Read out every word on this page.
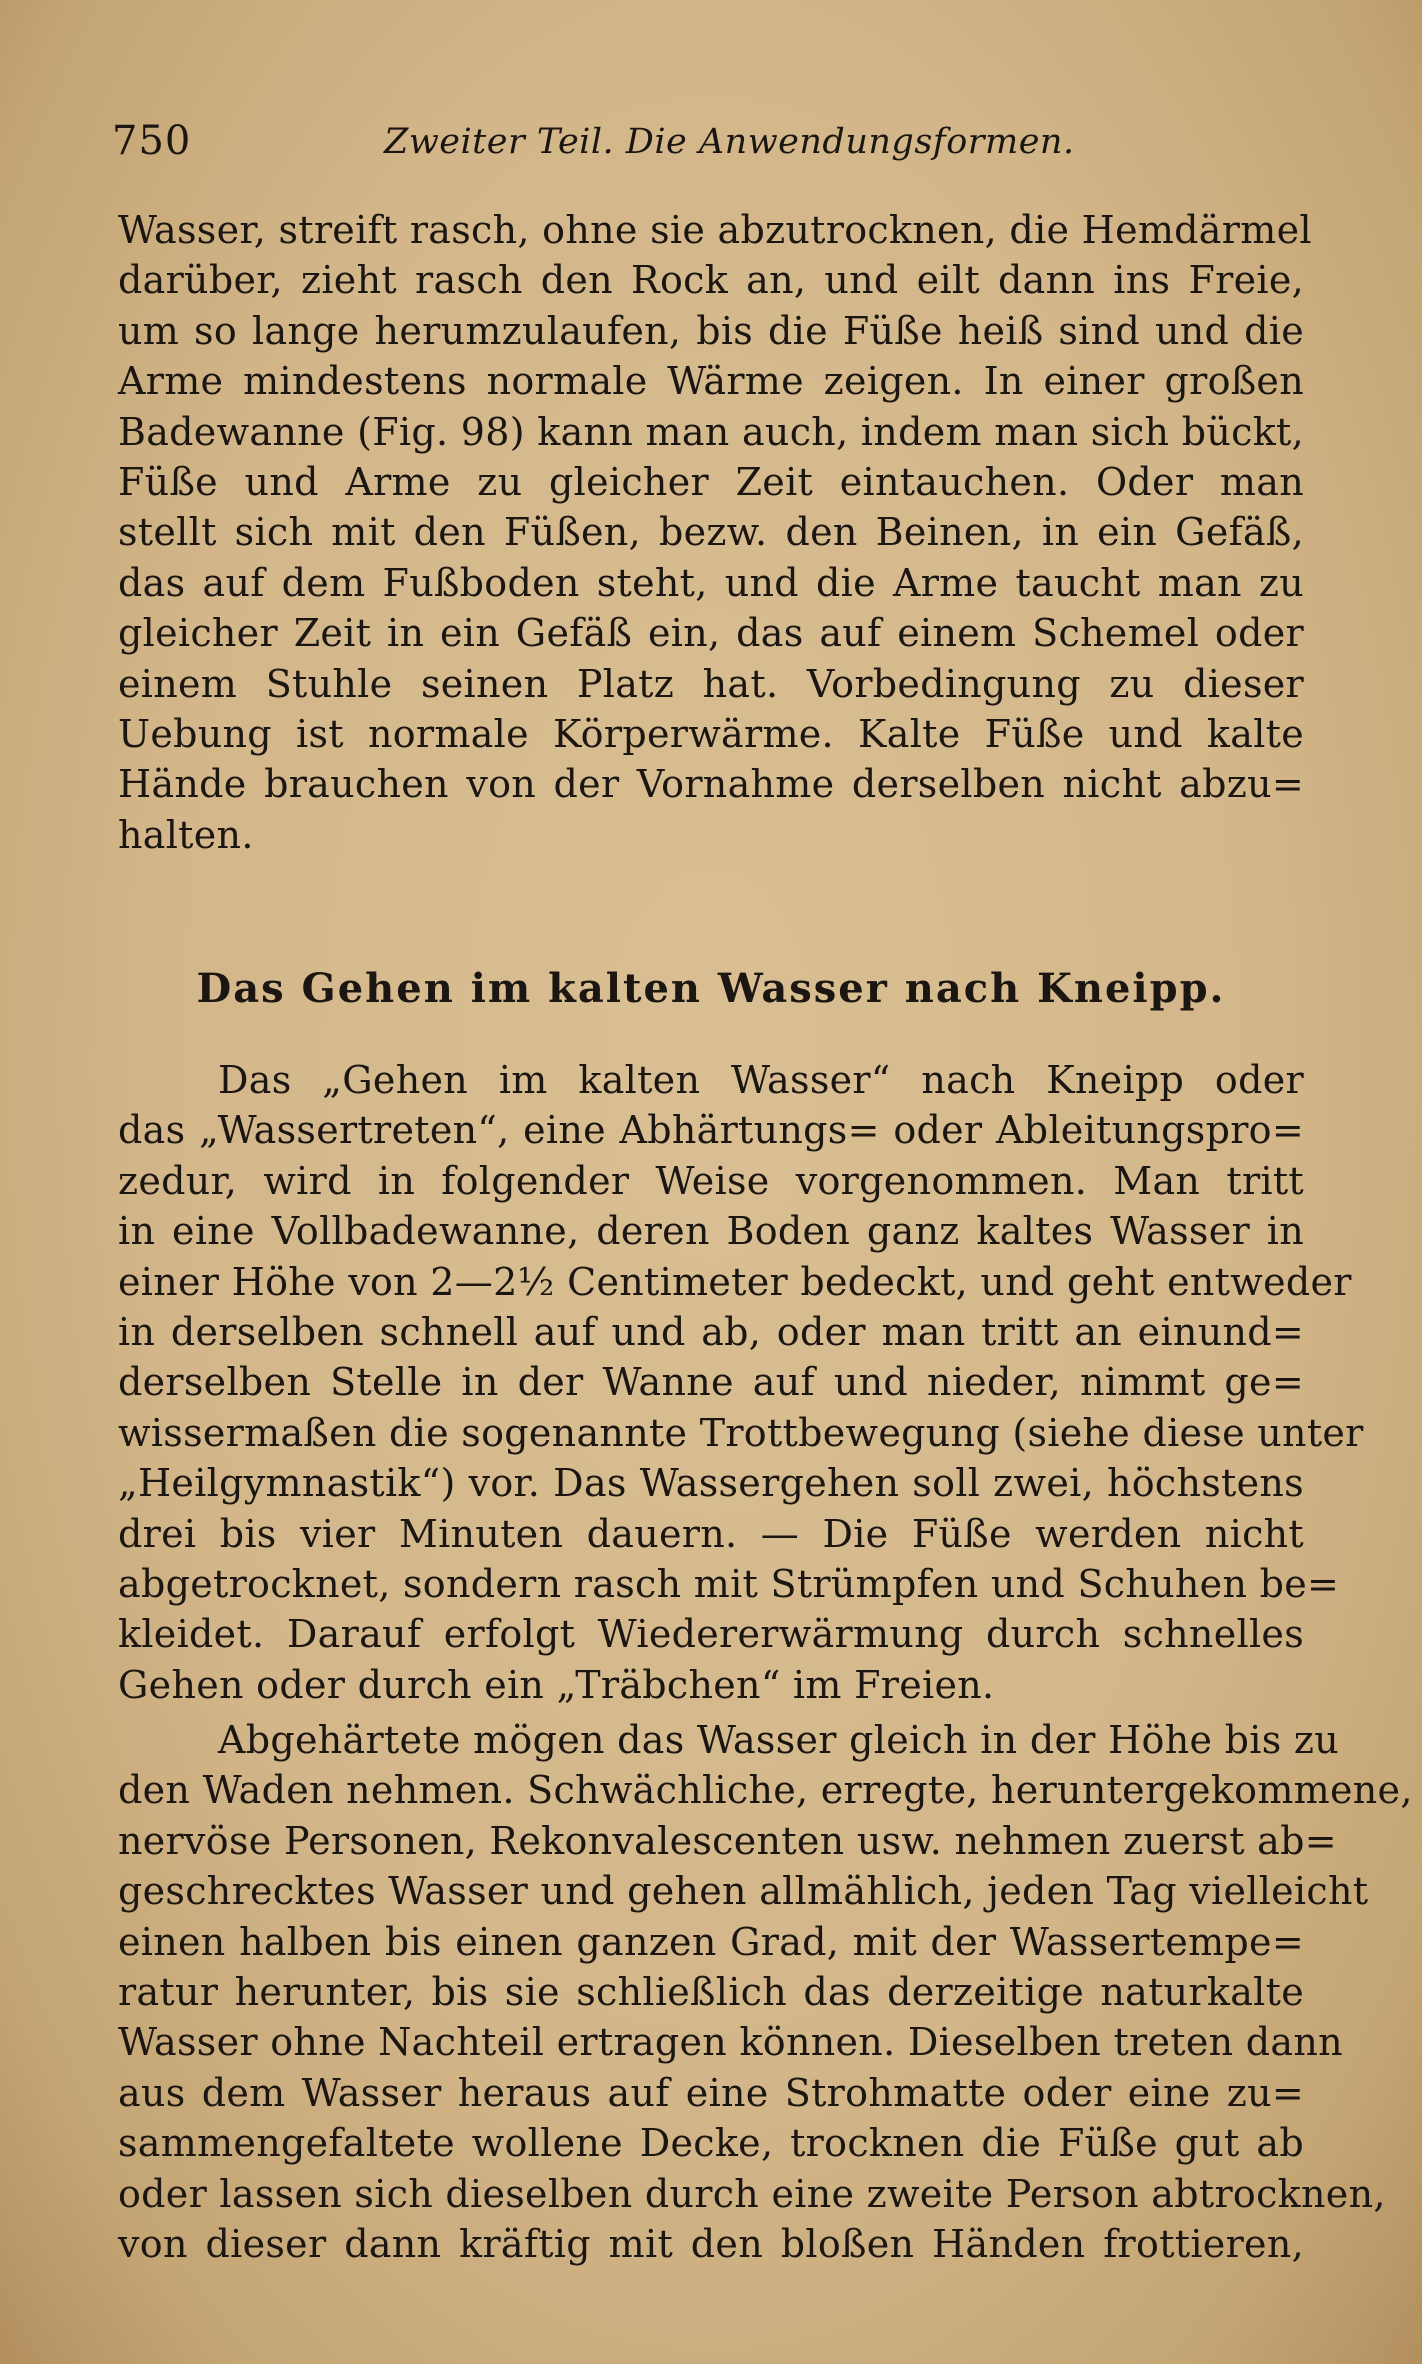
750	Zweiter Teil. Die Anwendungsformen.
Wasser, streift rasch, ohne sie abzutrocknen, die Hemdärmel
darüber, zieht rasch den Rock an, und eilt dann ins Freie,
um so lange herumzulaufen, bis die Füße heiß sind und die
Arme mindestens normale Wärme zeigen. In einer großen
Badewanne (Fig. 98) kann man auch, indem man sich bückt,
Füße und Arme zu gleicher Zeit eintauchen. Oder man
stellt sich mit den Füßen, bezw. den Beinen, in ein Gefäß,
das auf dem Fußboden steht, und die Arme taucht man zu
gleicher Zeit in ein Gefäß ein, das auf einem Schemel oder
einem Stuhle seinen Platz hat. Vorbedingung zu dieser
Uebung ist normale Körperwärme. Kalte Füße und kalte
Hände brauchen von der Vornahme derselben nicht abzu=
halten.
Das Gehen im kalten Wasser nach Kneipp.
Das „Gehen im kalten Wasser“ nach Kneipp oder
das „Wassertreten“, eine Abhärtungs= oder Ableitungspro=
zedur, wird in folgender Weise vorgenommen. Man tritt
in eine Vollbadewanne, deren Boden ganz kaltes Wasser in
einer Höhe von 2—2½ Centimeter bedeckt, und geht entweder
in derselben schnell auf und ab, oder man tritt an einund=
derselben Stelle in der Wanne auf und nieder, nimmt ge=
wissermaßen die sogenannte Trottbewegung (siehe diese unter
„Heilgymnastik“) vor. Das Wassergehen soll zwei, höchstens
drei bis vier Minuten dauern. — Die Füße werden nicht
abgetrocknet, sondern rasch mit Strümpfen und Schuhen be=
kleidet. Darauf erfolgt Wiedererwärmung durch schnelles
Gehen oder durch ein „Träbchen“ im Freien.
Abgehärtete mögen das Wasser gleich in der Höhe bis zu
den Waden nehmen. Schwächliche, erregte, heruntergekommene,
nervöse Personen, Rekonvalescenten usw. nehmen zuerst ab=
geschrecktes Wasser und gehen allmählich, jeden Tag vielleicht
einen halben bis einen ganzen Grad, mit der Wassertempe=
ratur herunter, bis sie schließlich das derzeitige naturkalte
Wasser ohne Nachteil ertragen können. Dieselben treten dann
aus dem Wasser heraus auf eine Strohmatte oder eine zu=
sammengefaltete wollene Decke, trocknen die Füße gut ab
oder lassen sich dieselben durch eine zweite Person abtrocknen,
von dieser dann kräftig mit den bloßen Händen frottieren,
